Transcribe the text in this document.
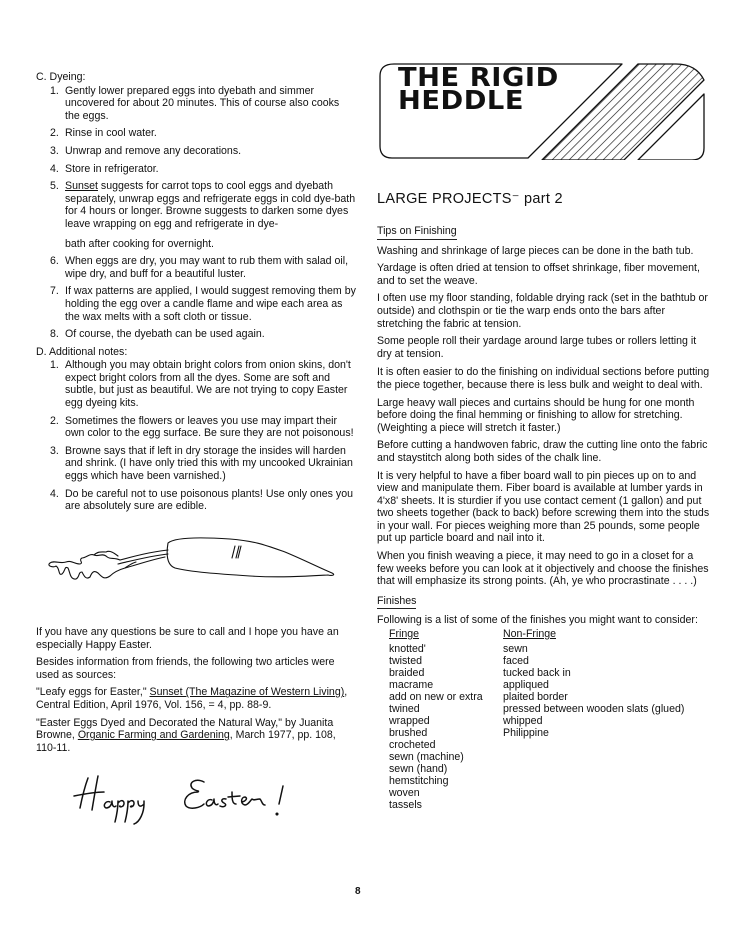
C. Dyeing:

1. Gently lower prepared eggs into dyebath and simmer uncovered for about 20 minutes. This of course also cooks the eggs.
2. Rinse in cool water.
3. Unwrap and remove any decorations.
4. Store in refrigerator.
5. Sunset suggests for carrot tops to cool eggs and dyebath separately, unwrap eggs and refrigerate eggs in cold dye-bath for 4 hours or longer. Browne suggests to darken some dyes leave wrapping on egg and refrigerate in dye-
bath after cooking for overnight.
6. When eggs are dry, you may want to rub them with salad oil, wipe dry, and buff for a beautiful luster.
7. If wax patterns are applied, I would suggest removing them by holding the egg over a candle flame and wipe each area as the wax melts with a soft cloth or tissue.
8. Of course, the dyebath can be used again.

D. Additional notes:

1. Although you may obtain bright colors from onion skins, don't expect bright colors from all the dyes. Some are soft and subtle, but just as beautiful. We are not trying to copy Easter egg dyeing kits.
2. Sometimes the flowers or leaves you use may impart their own color to the egg surface. Be sure they are not poisonous!
3. Browne says that if left in dry storage the insides will harden and shrink. (I have only tried this with my uncooked Ukrainian eggs which have been varnished.)
4. Do be careful not to use poisonous plants! Use only ones you are absolutely sure are edible.

If you have any questions be sure to call and I hope you have an especially Happy Easter.

Besides information from friends, the following two articles were used as sources:

"Leafy eggs for Easter," Sunset (The Magazine of Western Living), Central Edition, April 1976, Vol. 156, = 4, pp. 88-9.

"Easter Eggs Dyed and Decorated the Natural Way," by Juanita Browne, Organic Farming and Gardening, March 1977, pp. 108, 110-11.

THE RIGID
HEDDLE

LARGE PROJECTS⁻ part 2

Tips on Finishing

Washing and shrinkage of large pieces can be done in the bath tub.

Yardage is often dried at tension to offset shrinkage, fiber movement, and to set the weave.

I often use my floor standing, foldable drying rack (set in the bathtub or outside) and clothspin or tie the warp ends onto the bars after stretching the fabric at tension.

Some people roll their yardage around large tubes or rollers letting it dry at tension.

It is often easier to do the finishing on individual sections before putting the piece together, because there is less bulk and weight to deal with.

Large heavy wall pieces and curtains should be hung for one month before doing the final hemming or finishing to allow for stretching. (Weighting a piece will stretch it faster.)

Before cutting a handwoven fabric, draw the cutting line onto the fabric and staystitch along both sides of the chalk line.

It is very helpful to have a fiber board wall to pin pieces up on to and view and manipulate them. Fiber board is available at lumber yards in 4'x8' sheets. It is sturdier if you use contact cement (1 gallon) and put two sheets together (back to back) before screwing them into the studs in your wall. For pieces weighing more than 25 pounds, some people put up particle board and nail into it.

When you finish weaving a piece, it may need to go in a closet for a few weeks before you can look at it objectively and choose the finishes that will emphasize its strong points. (Ah, ye who procrastinate . . . .)

Finishes

Following is a list of some of the finishes you might want to consider:

Fringe
knotted'
twisted
braided
macrame
add on new or extra
twined
wrapped
brushed
crocheted
sewn (machine)
sewn (hand)
hemstitching
woven
tassels
Non-Fringe
sewn
faced
tucked back in
appliqued
plaited border
pressed between wooden slats (glued)
whipped
Philippine
8
